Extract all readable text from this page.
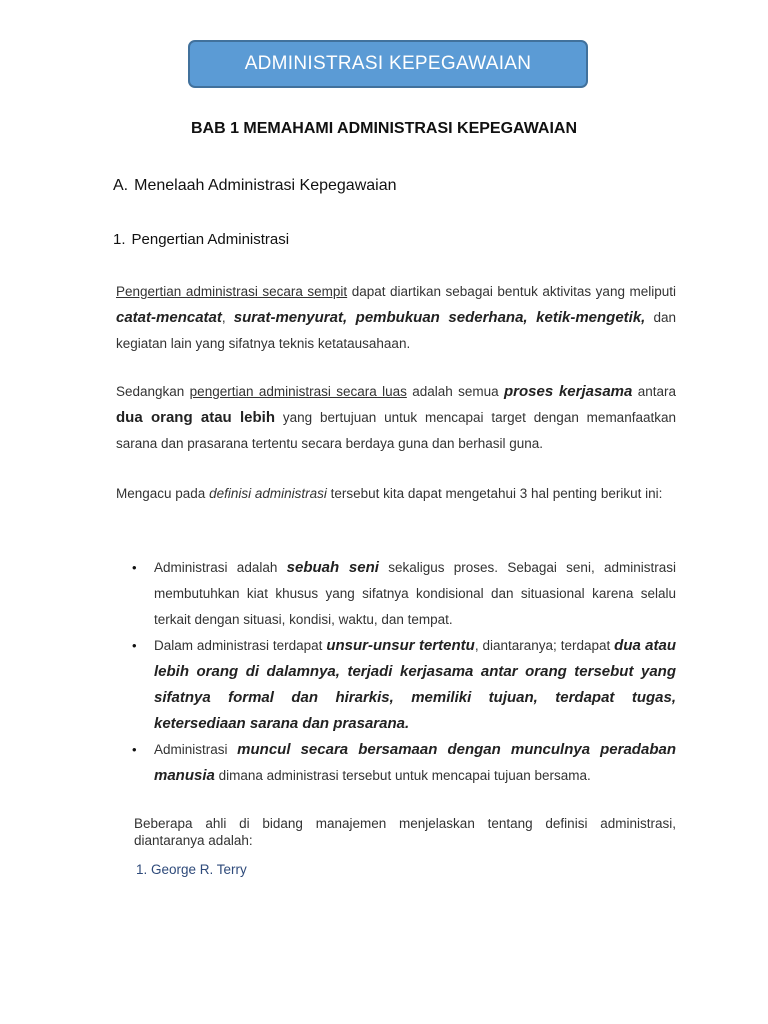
ADMINISTRASI KEPEGAWAIAN
BAB 1 MEMAHAMI ADMINISTRASI KEPEGAWAIAN
A. Menelaah Administrasi Kepegawaian
1. Pengertian Administrasi
Pengertian administrasi secara sempit dapat diartikan sebagai bentuk aktivitas yang meliputi catat-mencatat, surat-menyurat, pembukuan sederhana, ketik-mengetik, dan kegiatan lain yang sifatnya teknis ketatausahaan.
Sedangkan pengertian administrasi secara luas adalah semua proses kerjasama antara dua orang atau lebih yang bertujuan untuk mencapai target dengan memanfaatkan sarana dan prasarana tertentu secara berdaya guna dan berhasil guna.
Mengacu pada definisi administrasi tersebut kita dapat mengetahui 3 hal penting berikut ini:
• Administrasi adalah sebuah seni sekaligus proses. Sebagai seni, administrasi membutuhkan kiat khusus yang sifatnya kondisional dan situasional karena selalu terkait dengan situasi, kondisi, waktu, dan tempat.
• Dalam administrasi terdapat unsur-unsur tertentu, diantaranya; terdapat dua atau lebih orang di dalamnya, terjadi kerjasama antar orang tersebut yang sifatnya formal dan hirarkis, memiliki tujuan, terdapat tugas, ketersediaan sarana dan prasarana.
• Administrasi muncul secara bersamaan dengan munculnya peradaban manusia dimana administrasi tersebut untuk mencapai tujuan bersama.
Beberapa ahli di bidang manajemen menjelaskan tentang definisi administrasi, diantaranya adalah:
1. George R. Terry
